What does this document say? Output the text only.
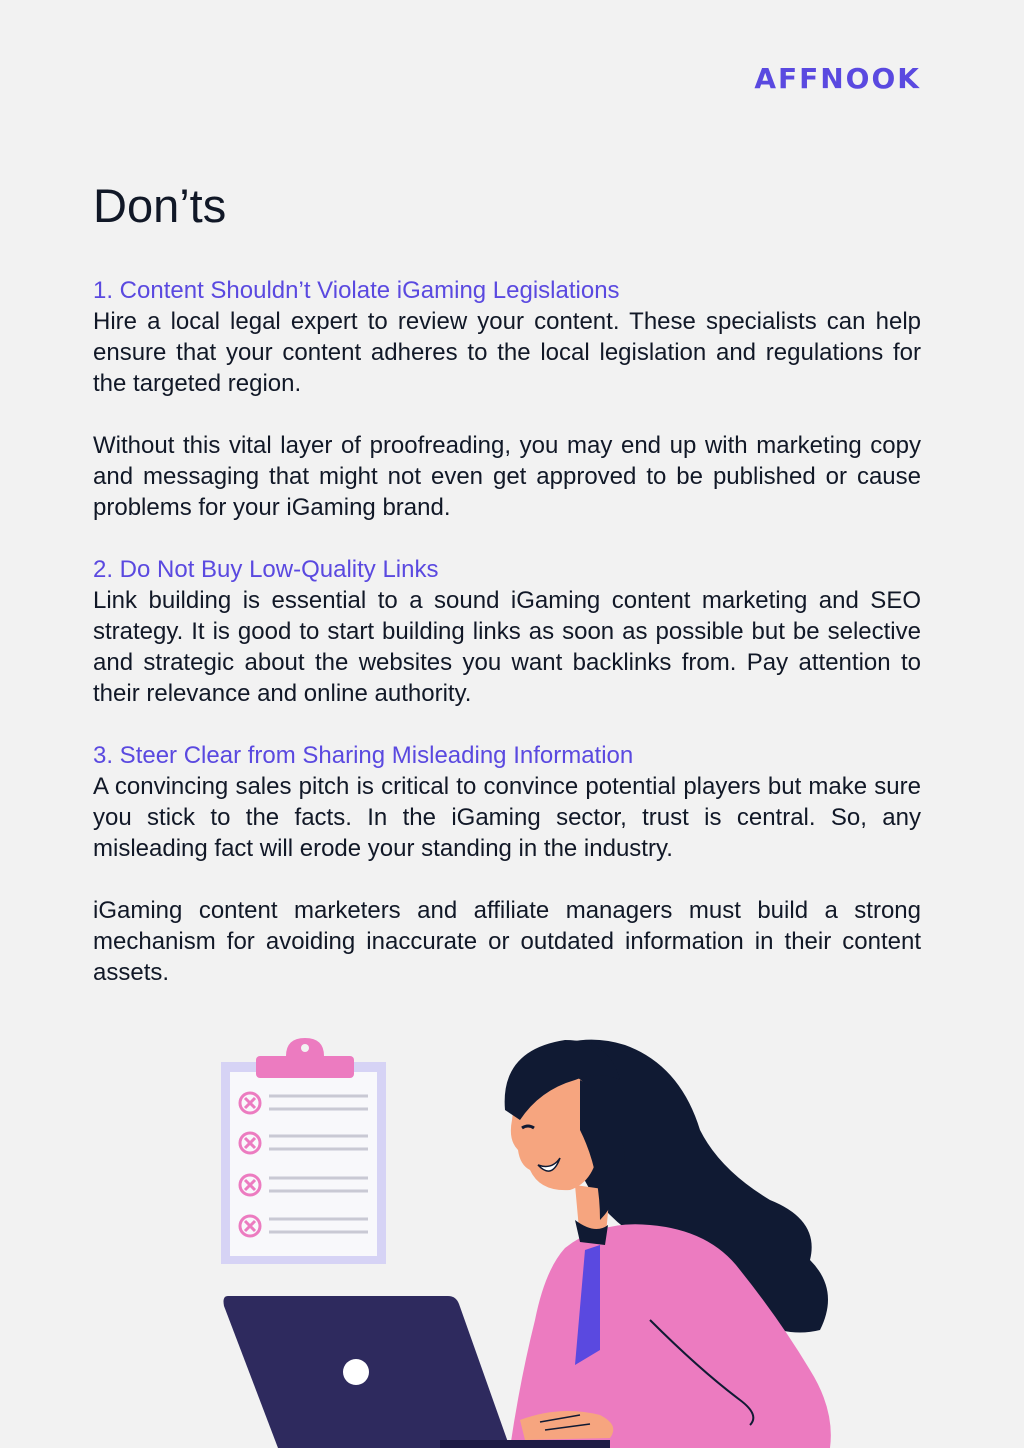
AFFNOOK
Don’ts
1. Content Shouldn’t Violate iGaming Legislations

Hire a local legal expert to review your content. These specialists can help ensure that your content adheres to the local legislation and regulations for the targeted region.

Without this vital layer of proofreading, you may end up with marketing copy and messaging that might not even get approved to be published or cause problems for your iGaming brand.

2. Do Not Buy Low-Quality Links

Link building is essential to a sound iGaming content marketing and SEO strategy. It is good to start building links as soon as possible but be selective and strategic about the websites you want backlinks from. Pay attention to their relevance and online authority.

3. Steer Clear from Sharing Misleading Information

A convincing sales pitch is critical to convince potential players but make sure you stick to the facts. In the iGaming sector, trust is central. So, any misleading fact will erode your standing in the industry.

iGaming content marketers and affiliate managers must build a strong mechanism for avoiding inaccurate or outdated information in their content assets.
